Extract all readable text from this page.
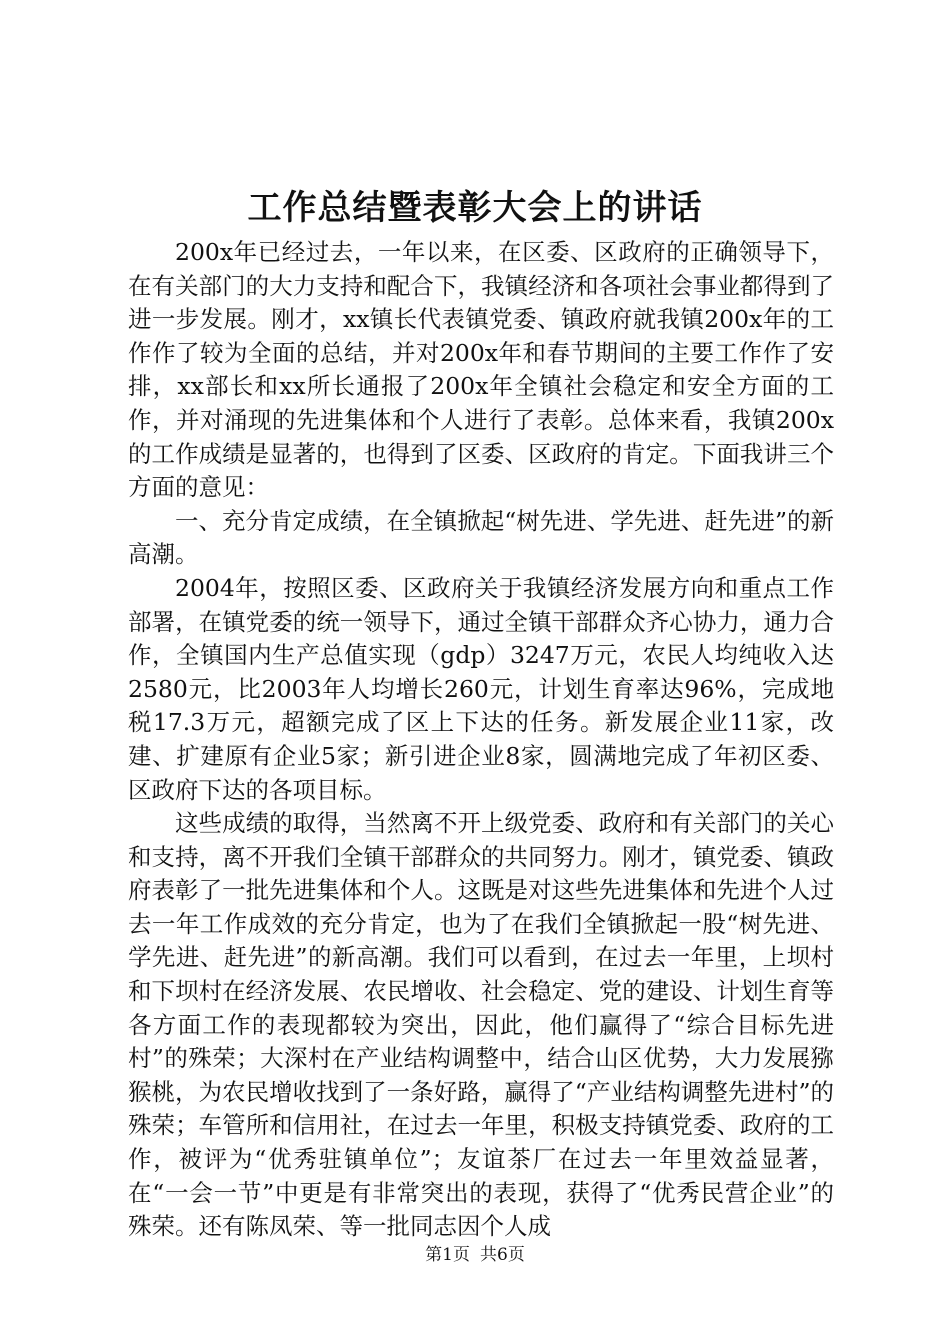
工作总结暨表彰大会上的讲话

200x年已经过去，一年以来，在区委、区政府的正确领导下，在有关部门的大力支持和配合下，我镇经济和各项社会事业都得到了进一步发展。刚才，xx镇长代表镇党委、镇政府就我镇200x年的工作作了较为全面的总结，并对200x年和春节期间的主要工作作了安排，xx部长和xx所长通报了200x年全镇社会稳定和安全方面的工作，并对涌现的先进集体和个人进行了表彰。总体来看，我镇200x的工作成绩是显著的，也得到了区委、区政府的肯定。下面我讲三个方面的意见：

一、充分肯定成绩，在全镇掀起“树先进、学先进、赶先进”的新高潮。

2004年，按照区委、区政府关于我镇经济发展方向和重点工作部署，在镇党委的统一领导下，通过全镇干部群众齐心协力，通力合作，全镇国内生产总值实现（gdp）3247万元，农民人均纯收入达2580元，比2003年人均增长260元，计划生育率达96%，完成地税17.3万元，超额完成了区上下达的任务。新发展企业11家，改建、扩建原有企业5家；新引进企业8家，圆满地完成了年初区委、区政府下达的各项目标。

这些成绩的取得，当然离不开上级党委、政府和有关部门的关心和支持，离不开我们全镇干部群众的共同努力。刚才，镇党委、镇政府表彰了一批先进集体和个人。这既是对这些先进集体和先进个人过去一年工作成效的充分肯定，也为了在我们全镇掀起一股“树先进、学先进、赶先进”的新高潮。我们可以看到，在过去一年里，上坝村和下坝村在经济发展、农民增收、社会稳定、党的建设、计划生育等各方面工作的表现都较为突出，因此，他们赢得了“综合目标先进村”的殊荣；大深村在产业结构调整中，结合山区优势，大力发展猕猴桃，为农民增收找到了一条好路，赢得了“产业结构调整先进村”的殊荣；车管所和信用社，在过去一年里，积极支持镇党委、政府的工作，被评为“优秀驻镇单位”；友谊茶厂在过去一年里效益显著，在“一会一节”中更是有非常突出的表现，获得了“优秀民营企业”的殊荣。还有陈凤荣、等一批同志因个人成

第1页 共6页
